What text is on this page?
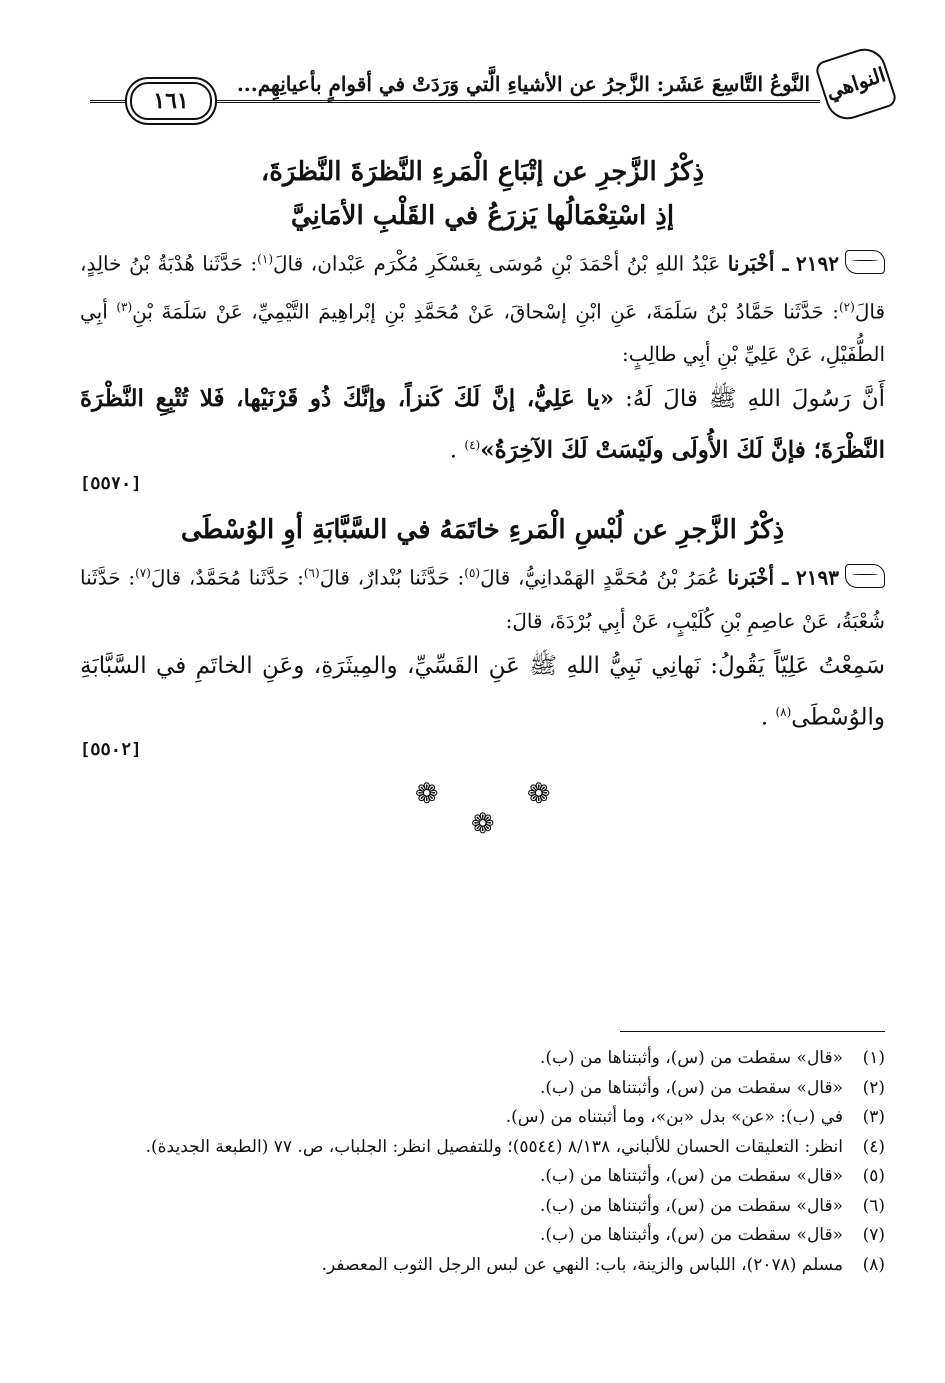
١٦١
النَّوعُ التَّاسِعَ عَشَر: الزَّجرُ عن الأشياءِ الَّتي وَرَدَتْ في أقوامٍ بأعيانِهِم... النواهي

ذِكْرُ الزَّجرِ عن إتْبَاعِ الْمَرءِ النَّظرَةَ النَّظرَةَ،

إذِ اسْتِعْمَالُها يَزرَعُ في القَلْبِ الأمَانِيَّ

٢١٩٢ ـ أخْبَرنا عَبْدُ اللهِ بْنُ أحْمَدَ بْنِ مُوسَى بِعَسْكَرِ مُكْرَم عَبْدان، قالَ$^{(١)}$: حَدَّثَنا هُدْبَةُ بْنُ خالِدٍ، قالَ$^{(٢)}$: حَدَّثَنا حَمَّادُ بْنُ سَلَمَةَ، عَنِ ابْنِ إسْحاقَ، عَنْ مُحَمَّدِ بْنِ إبْراهِيمَ التَّيْمِيِّ، عَنْ سَلَمَةَ بْنِ$^{(٣)}$ أبِي الطُّفَيْلِ، عَنْ عَلِيِّ بْنِ أبِي طالِبٍ:

أَنَّ رَسُولَ اللهِ ﷺ قالَ لَهُ: «يا عَلِيُّ، إنَّ لَكَ كَنزاً، وإنَّكَ ذُو قَرْنَيْها، فَلا تُتْبِعِ النَّظْرَةَ النَّظْرَةَ؛ فإنَّ لَكَ الأُولَى ولَيْسَتْ لَكَ الآخِرَةُ»$^{(٤)}$ .

[٥٥٧٠]

ذِكْرُ الزَّجرِ عن لُبْسِ الْمَرءِ خاتَمَهُ في السَّبَّابَةِ أوِ الوُسْطَى

٢١٩٣ ـ أخْبَرنا عُمَرُ بْنُ مُحَمَّدٍ الهَمْدانِيُّ، قالَ$^{(٥)}$: حَدَّثَنا بُنْدارٌ، قالَ$^{(٦)}$: حَدَّثَنا مُحَمَّدٌ، قالَ$^{(٧)}$: حَدَّثَنا شُعْبَةُ، عَنْ عاصِمِ بْنِ كُلَيْبٍ، عَنْ أبِي بُرْدَةَ، قالَ:

سَمِعْتُ عَلِيّاً يَقُولُ: نَهانِي نَبِيُّ اللهِ ﷺ عَنِ القَسِّيِّ، والمِيثَرَةِ، وعَنِ الخاتَمِ في السَّبَّابَةِ والوُسْطَى$^{(٨)}$ .

[٥٥٠٢]
❁	❁
❁
(١)
«قال» سقطت من (س)، وأثبتناها من (ب).
(٢)
«قال» سقطت من (س)، وأثبتناها من (ب).
(٣)
في (ب): «عن» بدل «بن»، وما أثبتناه من (س).
(٤)
انظر: التعليقات الحسان للألباني، ٨/١٣٨ (٥٥٤٤)؛ وللتفصيل انظر: الجلباب، ص. ٧٧ (الطبعة الجديدة).
(٥)
«قال» سقطت من (س)، وأثبتناها من (ب).
(٦)
«قال» سقطت من (س)، وأثبتناها من (ب).
(٧)
«قال» سقطت من (س)، وأثبتناها من (ب).
(٨)
مسلم (٢٠٧٨)، اللباس والزينة، باب: النهي عن لبس الرجل الثوب المعصفر.
